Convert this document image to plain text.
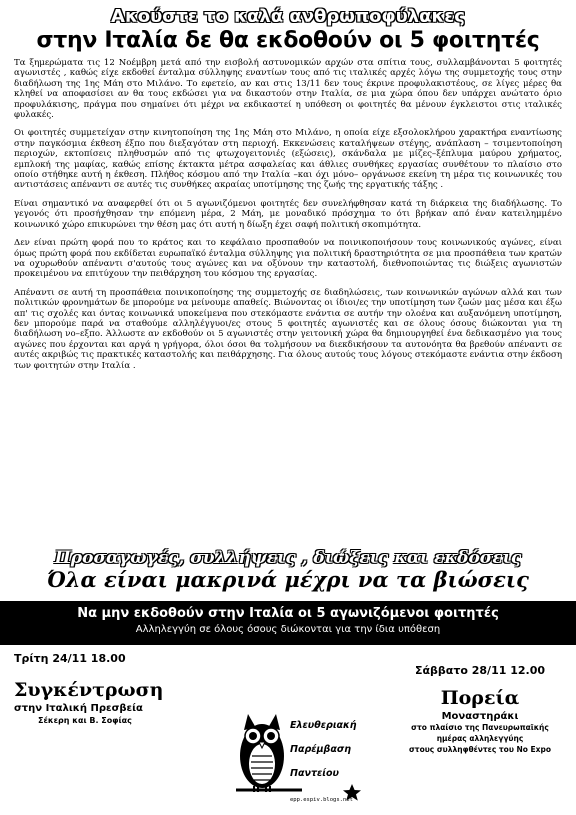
Ακούστε το καλά ανθρωποφύλακες
στην Ιταλία δε θα εκδοθούν οι 5 φοιτητές

Τα ξημερώματα τις 12 Νοέμβρη μετά από την εισβολή αστυνομικών αρχών στα σπίτια τους, συλλαμβάνονται 5 φοιτητές αγωνιστές , καθώς είχε εκδοθεί ένταλμα σύλληψης εναντίων τους από τις ιταλικές αρχές λόγω της συμμετοχής τους στην διαδήλωση της 1ης Μάη στο Μιλάνο. Το εφετείο, αν και στις 13/11 δεν τους έκρινε προφυλακιστέους, σε λίγες μέρες θα κληθεί να αποφασίσει αν θα τους εκδώσει για να δικαστούν στην Ιταλία, σε μια χώρα όπου δεν υπάρχει ανώτατο όριο προφυλάκισης, πράγμα που σημαίνει ότι μέχρι να εκδικαστεί η υπόθεση οι φοιτητές θα μένουν έγκλειστοι στις ιταλικές φυλακές.

Οι φοιτητές συμμετείχαν στην κινητοποίηση της 1ης Μάη στο Μιλάνο, η οποία είχε εξσολοκλήρου χαρακτήρα εναντίωσης στην παγκόσμια έκθεση έξπο που διεξαγόταν στη περιοχή. Εκκενώσεις καταλήψεων στέγης, ανάπλαση – τσιμεντοποίηση περιοχών, εκτοπίσεις πληθυσμών από τις φτωχογειτονιές (εξώσεις), σκάνδαλα με μίζες–ξέπλυμα μαύρου χρήματος, εμπλοκή της μαφίας, καθώς επίσης έκτακτα μέτρα ασφαλείας και άθλιες συνθήκες εργασίας συνθέτουν το πλαίσιο στο οποίο στήθηκε αυτή η έκθεση. Πλήθος κόσμου από την Ιταλία –και όχι μόνο– οργάνωσε εκείνη τη μέρα τις κοινωνικές του αντιστάσεις απέναντι σε αυτές τις συνθήκες ακραίας υποτίμησης της ζωής της εργατικής τάξης .

Είναι σημαντικό να αναφερθεί ότι οι 5 αγωνιζόμενοι φοιτητές δεν συνελήφθησαν κατά τη διάρκεια της διαδήλωσης. Το γεγονός ότι προσήχθησαν την επόμενη μέρα, 2 Μάη, με μοναδικό πρόσχημα το ότι βρήκαν από έναν κατειλημμένο κοινωνικό χώρο επικυρώνει την θέση μας ότι αυτή η δίωξη έχει σαφή πολιτική σκοπιμότητα.

Δεν είναι πρώτη φορά που το κράτος και το κεφάλαιο προσπαθούν να ποινικοποιήσουν τους κοινωνικούς αγώνες, είναι όμως πρώτη φορά που εκδίδεται ευρωπαϊκό ένταλμα σύλληψης για πολιτική δραστηριότητα σε μια προσπάθεια των κρατών να οχυρωθούν απέναντι σ'αυτούς τους αγώνες και να οξύνουν την καταστολή, διεθνοποιώντας τις διώξεις αγωνιστών προκειμένου να επιτύχουν την πειθάρχηση του κόσμου της εργασίας.

Απέναντι σε αυτή τη προσπάθεια ποινικοποίησης της συμμετοχής σε διαδηλώσεις, των κοινωνικών αγώνων αλλά και των πολιτικών φρονημάτων δε μπορούμε να μείνουμε απαθείς. Βιώνοντας οι ίδιοι/ες την υποτίμηση των ζωών μας μέσα και έξω απ' τις σχολές και όντας κοινωνικά υποκείμενα που στεκόμαστε ενάντια σε αυτήν την ολοένα και αυξανόμενη υποτίμηση, δεν μπορούμε παρά να σταθούμε αλληλέγγυοι/ες στους 5 φοιτητές αγωνιστές και σε όλους όσους διώκονται για τη διαδήλωση νο–εξπο. Άλλωστε αν εκδοθούν οι 5 αγωνιστές στην γειτονική χώρα θα δημιουργηθεί ένα δεδικασμένο για τους αγώνες που έρχονται και αργά η γρήγορα, όλοι όσοι θα τολμήσουν να διεκδικήσουν τα αυτονόητα θα βρεθούν απέναντι σε αυτές ακριβώς τις πρακτικές καταστολής και πειθάρχησης. Για όλους αυτούς τους λόγους στεκόμαστε ενάντια στην έκδοση των φοιτητών στην Ιταλία .

Προσαγωγές, συλλήψεις , διώξεις και εκδόσεις
Όλα είναι μακρινά μέχρι να τα βιώσεις
Να μην εκδοθούν στην Ιταλία οι 5 αγωνιζόμενοι φοιτητές
Αλληλεγγύη σε όλους όσους διώκονται για την ίδια υπόθεση
Τρίτη 24/11 18.00
Συγκέντρωση
στην Ιταλική Πρεσβεία
Σέκερη και Β. Σοφίας	Ελευθεριακή
Παρέμβαση
Παντείου
epp.espiv.blogs.net
Σάββατο 28/11 12.00
Πορεία
Μοναστηράκι
στο πλαίσιο της Πανευρωπαϊκής
ημέρας αλληλεγγύης
στους συλληφθέντες του No Expo
